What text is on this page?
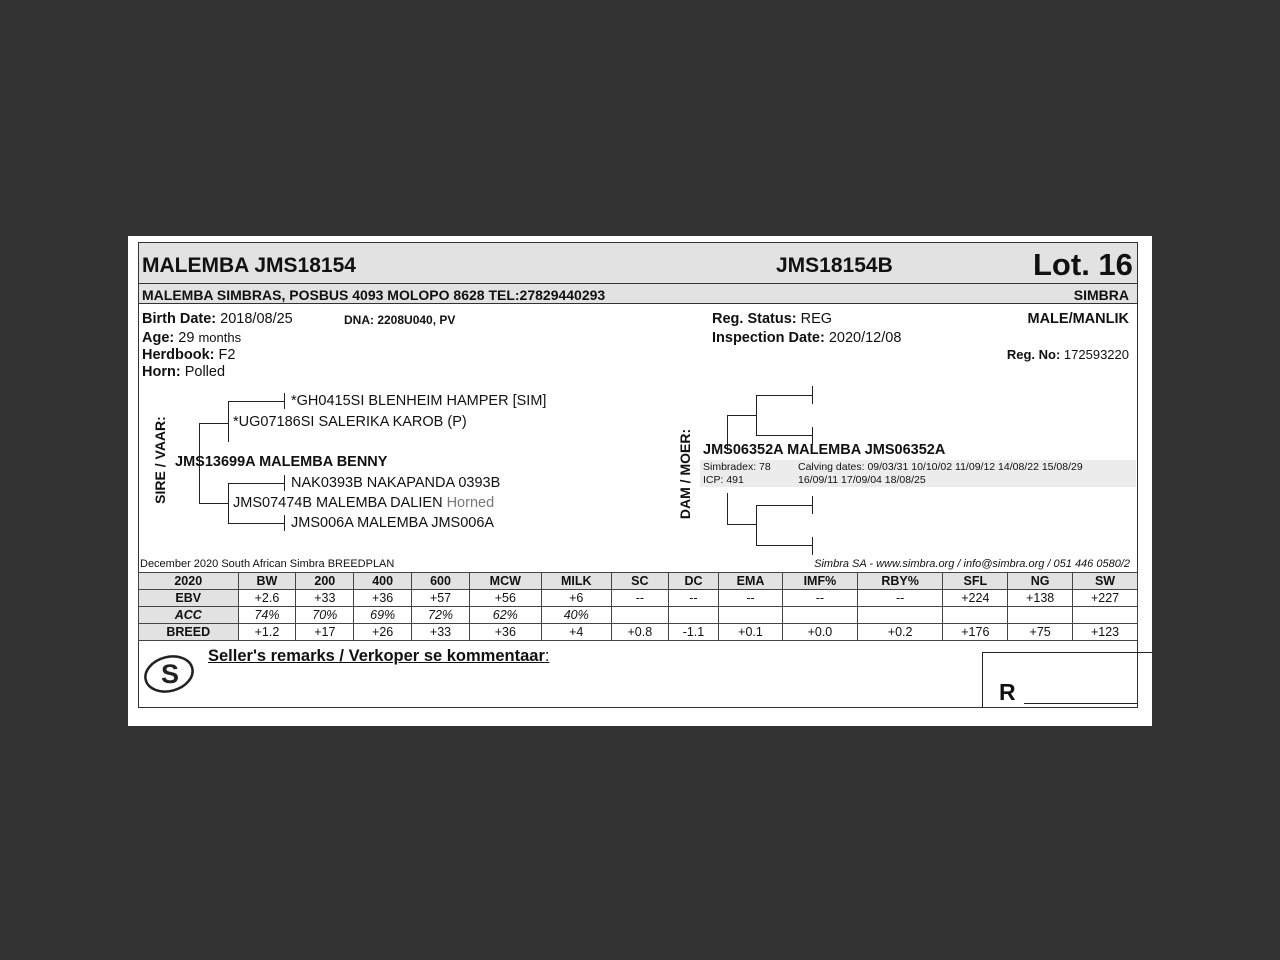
MALEMBA JMS18154	JMS18154B	Lot. 16
MALEMBA SIMBRAS, POSBUS 4093 MOLOPO 8628 TEL:27829440293	SIMBRA
Birth Date: 2018/08/25	DNA: 2208U040, PV
Age: 29 months
Herdbook: F2
Horn: Polled
Reg. Status: REG
Inspection Date: 2020/12/08
MALE/MANLIK
Reg. No: 172593220
SIRE / VAAR:
*GH0415SI BLENHEIM HAMPER [SIM]
*UG07186SI SALERIKA KAROB (P)
JMS13699A MALEMBA BENNY
NAK0393B NAKAPANDA 0393B
JMS07474B MALEMBA DALIEN Horned
JMS006A MALEMBA JMS006A
DAM / MOER: JMS06352A MALEMBA JMS06352A
Simbradex: 78
ICP: 491
Calving dates: 09/03/31 10/10/02 11/09/12 14/08/22 15/08/29
16/09/11 17/09/04 18/08/25
December 2020 South African Simbra BREEDPLAN	Simbra SA - www.simbra.org / info@simbra.org / 051 446 0580/2
2020	BW	200	400	600	MCW	MILK	SC	DC	EMA	IMF%	RBY%	SFL	NG	SW
EBV	+2.6	+33	+36	+57	+56	+6	--	--	--	--	--	+224	+138	+227
ACC	74%	70%	69%	72%	62%	40%								
BREED	+1.2	+17	+26	+33	+36	+4	+0.8	-1.1	+0.1	+0.0	+0.2	+176	+75	+123
S
Seller's remarks / Verkoper se kommentaar:
R
